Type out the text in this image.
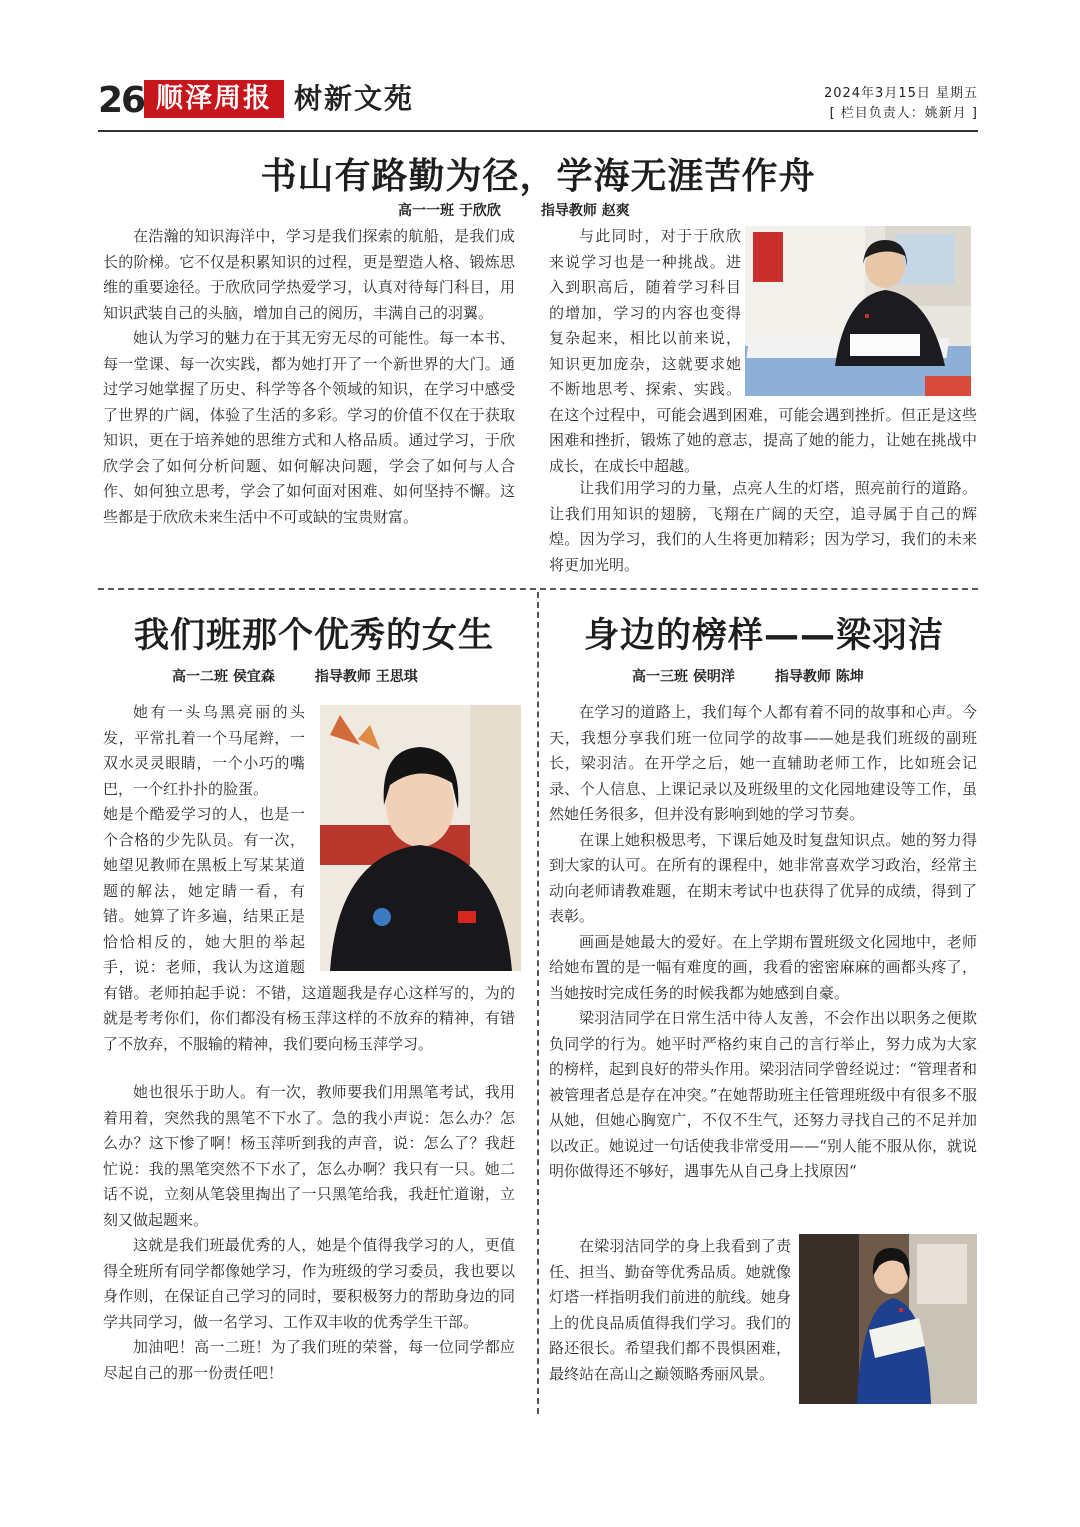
26 顺泽周报 树新文苑	2024年3月15日 星期五
[ 栏目负责人：姚新月 ]
书山有路勤为径，学海无涯苦作舟
高一一班 于欣欣	指导教师 赵爽

在浩瀚的知识海洋中，学习是我们探索的航船，是我们成长的阶梯。它不仅是积累知识的过程，更是塑造人格、锻炼思维的重要途径。于欣欣同学热爱学习，认真对待每门科目，用知识武装自己的头脑，增加自己的阅历，丰满自己的羽翼。

她认为学习的魅力在于其无穷无尽的可能性。每一本书、每一堂课、每一次实践，都为她打开了一个新世界的大门。通过学习她掌握了历史、科学等各个领域的知识，在学习中感受了世界的广阔，体验了生活的多彩。学习的价值不仅在于获取知识，更在于培养她的思维方式和人格品质。通过学习，于欣欣学会了如何分析问题、如何解决问题，学会了如何与人合作、如何独立思考，学会了如何面对困难、如何坚持不懈。这些都是于欣欣未来生活中不可或缺的宝贵财富。

与此同时，对于于欣欣来说学习也是一种挑战。进入到职高后，随着学习科目的增加，学习的内容也变得复杂起来，相比以前来说，知识更加庞杂，这就要求她不断地思考、探索、实践。在这个过程中，可能会遇到困难，可能会遇到挫折。但正是这些困难和挫折，锻炼了她的意志，提高了她的能力，让她在挑战中成长，在成长中超越。

让我们用学习的力量，点亮人生的灯塔，照亮前行的道路。让我们用知识的翅膀，飞翔在广阔的天空，追寻属于自己的辉煌。因为学习，我们的人生将更加精彩；因为学习，我们的未来将更加光明。

我们班那个优秀的女生
高一二班 侯宜森	指导教师 王思琪

她有一头乌黑亮丽的头发，平常扎着一个马尾辫，一双水灵灵眼睛，一个小巧的嘴巴，一个红扑扑的脸蛋。

她是个酷爱学习的人，也是一个合格的少先队员。有一次，她望见教师在黑板上写某某道题的解法，她定睛一看，有错。她算了许多遍，结果正是恰恰相反的，她大胆的举起手，说：老师，我认为这道题有错。老师拍起手说：不错，这道题我是存心这样写的，为的就是考考你们，你们都没有杨玉萍这样的不放弃的精神，有错了不放弃，不服输的精神，我们要向杨玉萍学习。

她也很乐于助人。有一次，教师要我们用黑笔考试，我用着用着，突然我的黑笔不下水了。急的我小声说：怎么办？怎么办？这下惨了啊！杨玉萍听到我的声音，说：怎么了？我赶忙说：我的黑笔突然不下水了，怎么办啊？我只有一只。她二话不说，立刻从笔袋里掏出了一只黑笔给我，我赶忙道谢，立刻又做起题来。

这就是我们班最优秀的人，她是个值得我学习的人，更值得全班所有同学都像她学习，作为班级的学习委员，我也要以身作则，在保证自己学习的同时，要积极努力的帮助身边的同学共同学习，做一名学习、工作双丰收的优秀学生干部。

加油吧！高一二班！为了我们班的荣誉，每一位同学都应尽起自己的那一份责任吧！

身边的榜样——梁羽洁
高一三班 侯明洋	指导教师 陈坤

在学习的道路上，我们每个人都有着不同的故事和心声。今天，我想分享我们班一位同学的故事——她是我们班级的副班长，梁羽洁。在开学之后，她一直辅助老师工作，比如班会记录、个人信息、上课记录以及班级里的文化园地建设等工作，虽然她任务很多，但并没有影响到她的学习节奏。

在课上她积极思考，下课后她及时复盘知识点。她的努力得到大家的认可。在所有的课程中，她非常喜欢学习政治，经常主动向老师请教难题，在期末考试中也获得了优异的成绩，得到了表彰。

画画是她最大的爱好。在上学期布置班级文化园地中，老师给她布置的是一幅有难度的画，我看的密密麻麻的画都头疼了，当她按时完成任务的时候我都为她感到自豪。

梁羽洁同学在日常生活中待人友善，不会作出以职务之便欺负同学的行为。她平时严格约束自己的言行举止，努力成为大家的榜样，起到良好的带头作用。梁羽洁同学曾经说过：“管理者和被管理者总是存在冲突。”在她帮助班主任管理班级中有很多不服从她，但她心胸宽广，不仅不生气，还努力寻找自己的不足并加以改正。她说过一句话使我非常受用——“别人能不服从你，就说明你做得还不够好，遇事先从自己身上找原因“

在梁羽洁同学的身上我看到了责任、担当、勤奋等优秀品质。她就像灯塔一样指明我们前进的航线。她身上的优良品质值得我们学习。我们的路还很长。希望我们都不畏惧困难，最终站在高山之巅领略秀丽风景。
